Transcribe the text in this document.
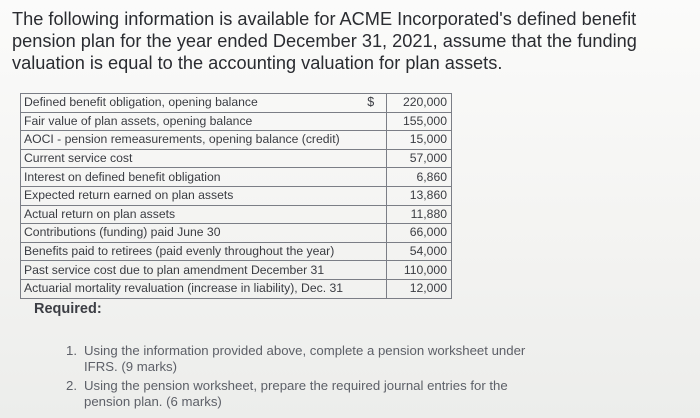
The following information is available for ACME Incorporated's defined benefit
pension plan for the year ended December 31, 2021, assume that the funding
valuation is equal to the accounting valuation for plan assets.
Defined benefit obligation, opening balance	$	220,000
Fair value of plan assets, opening balance		155,000
AOCI - pension remeasurements, opening balance (credit)		15,000
Current service cost		57,000
Interest on defined benefit obligation		6,860
Expected return earned on plan assets		13,860
Actual return on plan assets		11,880
Contributions (funding) paid June 30		66,000
Benefits paid to retirees (paid evenly throughout the year)		54,000
Past service cost due to plan amendment December 31		110,000
Actuarial mortality revaluation (increase in liability), Dec. 31		12,000
Required:
1. Using the information provided above, complete a pension worksheet under
IFRS. (9 marks)
2. Using the pension worksheet, prepare the required journal entries for the
pension plan. (6 marks)
